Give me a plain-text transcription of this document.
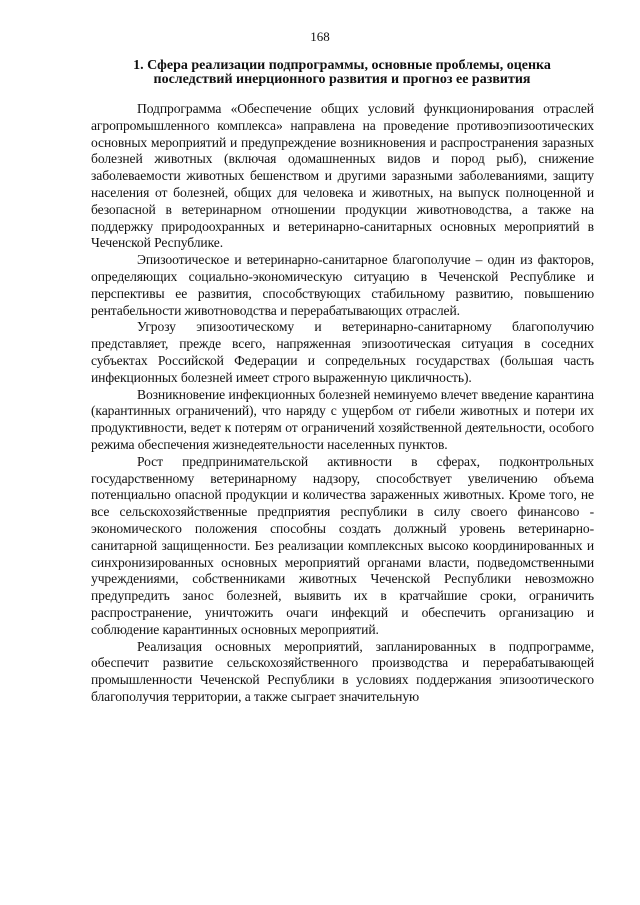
168
1. Сфера реализации подпрограммы, основные проблемы, оценка последствий инерционного развития и прогноз ее развития

Подпрограмма «Обеспечение общих условий функционирования отраслей агропромышленного комплекса» направлена на проведение противоэпизоотических основных мероприятий и предупреждение возникновения и распространения заразных болезней животных (включая одомашненных видов и пород рыб), снижение заболеваемости животных бешенством и другими заразными заболеваниями, защиту населения от болезней, общих для человека и животных, на выпуск полноценной и безопасной в ветеринарном отношении продукции животноводства, а также на поддержку природоохранных и ветеринарно-санитарных основных мероприятий в Чеченской Республике.

Эпизоотическое и ветеринарно-санитарное благополучие – один из факторов, определяющих социально-экономическую ситуацию в Чеченской Республике и перспективы ее развития, способствующих стабильному развитию, повышению рентабельности животноводства и перерабатывающих отраслей.

Угрозу эпизоотическому и ветеринарно-санитарному благополучию представляет, прежде всего, напряженная эпизоотическая ситуация в соседних субъектах Российской Федерации и сопредельных государствах (большая часть инфекционных болезней имеет строго выраженную цикличность).

Возникновение инфекционных болезней неминуемо влечет введение карантина (карантинных ограничений), что наряду с ущербом от гибели животных и потери их продуктивности, ведет к потерям от ограничений хозяйственной деятельности, особого режима обеспечения жизнедеятельности населенных пунктов.

Рост предпринимательской активности в сферах, подконтрольных государственному ветеринарному надзору, способствует увеличению объема потенциально опасной продукции и количества зараженных животных. Кроме того, не все сельскохозяйственные предприятия республики в силу своего финансово - экономического положения способны создать должный уровень ветеринарно-санитарной защищенности. Без реализации комплексных высоко координированных и синхронизированных основных мероприятий органами власти, подведомственными учреждениями, собственниками животных Чеченской Республики невозможно предупредить занос болезней, выявить их в кратчайшие сроки, ограничить распространение, уничтожить очаги инфекций и обеспечить организацию и соблюдение карантинных основных мероприятий.

Реализация основных мероприятий, запланированных в подпрограмме, обеспечит развитие сельскохозяйственного производства и перерабатывающей промышленности Чеченской Республики в условиях поддержания эпизоотического благополучия территории, а также сыграет значительную
